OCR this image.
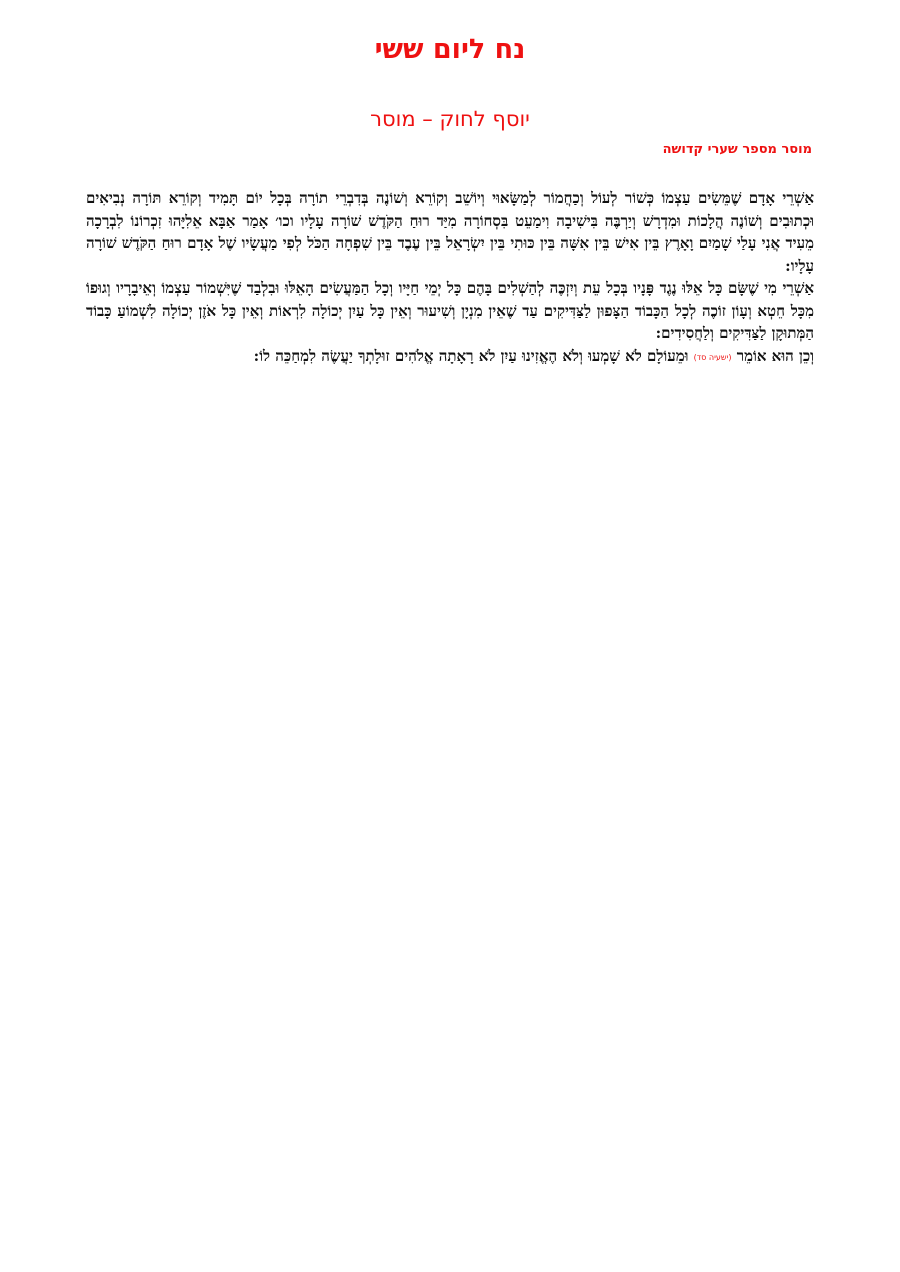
נח ליום ששי
יוסף לחוק – מוסר
מוסר מספר שערי קדושה
אַשְׁרֵי אָדָם שֶׁמֵּשִׂים עַצְמוֹ כְּשׁוֹר לְעוֹל וְכַחֲמוֹר לְמַשָּׂאוּי וְיוֹשֵׁב וְקוֹרֵא וְשׁוֹנֶה בְּדִבְרֵי תוֹרָה בְּכָל יוֹם תָּמִיד וְקוֹרֵא תּוֹרָה נְבִיאִים וּכְתוּבִים וְשׁוֹנֶה הֲלָכוֹת וּמִדְרָשׁ וְיַרְבֶּה בִּישִׁיבָה וִימַעֵט בִּסְחוֹרָה מִיַּד רוּחַ הַקֹּדֶשׁ שׁוֹרָה עָלָיו וכו׳ אָמַר אַבָּא אֵלִיָּהוּ זִכְרוֹנוֹ לִבְרָכָה מֵעִיד אֲנִי עָלַי שָׁמַיִם וָאָרֶץ בֵּין אִישׁ בֵּין אִשָּׁה בֵּין כּוּתִי בֵּין יִשְׂרָאֵל בֵּין עֶבֶד בֵּין שִׁפְחָה הַכֹּל לְפִי מַעֲשָׂיו שֶׁל אָדָם רוּחַ הַקֹּדֶשׁ שׁוֹרָה עָלָיו:
אַשְׁרֵי מִי שֶׁשָּׂם כָּל אֵלּוּ נֶגֶד פָּנָיו בְּכָל עֵת וְיִזְכֶּה לְהַשְׁלִים בָּהֶם כָּל יְמֵי חַיָּיו וְכָל הַמַּעֲשִׂים הָאֵלּוּ וּבִלְבַד שֶׁיִּשְׁמוֹר עַצְמוֹ וְאֵיבָרָיו וְגוּפוֹ מִכָּל חֵטְא וְעָוֹן זוֹכֶה לְכָל הַכָּבוֹד הַצָּפוּן לַצַּדִּיקִים עַד שֶׁאֵין מִנְיָן וְשִׁיעוּר וְאֵין כָּל עַיִן יְכוֹלָה לִרְאוֹת וְאֵין כָּל אֹזֶן יְכוֹלָה לִשְׁמוֹעַ כָּבוֹד הַמְּתוּקָן לַצַּדִּיקִים וְלַחֲסִידִים:
וְכֵן הוּא אוֹמֵר (ישעיה סד) וּמֵעוֹלָם לֹא שָׁמְעוּ וְלֹא הֶאֱזִינוּ עַיִן לֹא רָאָתָה אֱלֹהִים זוּלָתְךָ יַעֲשֶׂה לִמְחַכֵּה לוֹ:
